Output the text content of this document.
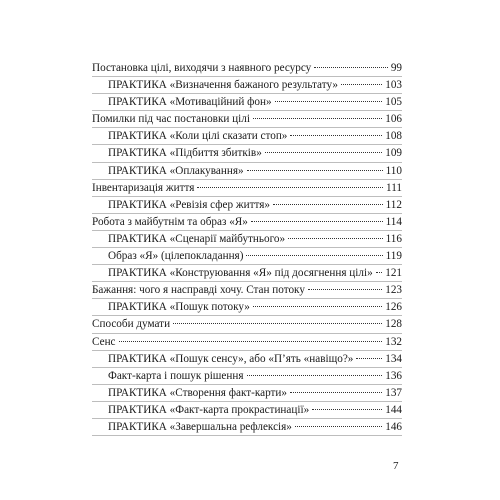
Постановка цілі, виходячи з наявного ресурсу	99
ПРАКТИКА «Визначення бажаного результату»	103
ПРАКТИКА «Мотиваційний фон»	105
Помилки під час постановки цілі	106
ПРАКТИКА «Коли цілі сказати стоп»	108
ПРАКТИКА «Підбиття збитків»	109
ПРАКТИКА «Оплакування»	110
Інвентаризація життя	111
ПРАКТИКА «Ревізія сфер життя»	112
Робота з майбутнім та образ «Я»	114
ПРАКТИКА «Сценарії майбутнього»	116
Образ «Я» (цілепокладання)	119
ПРАКТИКА «Конструювання «Я» під досягнення цілі» 121
Бажання: чого я насправді хочу. Стан потоку	123
ПРАКТИКА «Пошук потоку»	126
Способи думати	128
Сенс	132
ПРАКТИКА «Пошук сенсу», або «П’ять «навіщо?»	134
Факт-карта і пошук рішення	136
ПРАКТИКА «Створення факт-карти»	137
ПРАКТИКА «Факт-карта прокрастинації»	144
ПРАКТИКА «Завершальна рефлексія»	146
7
